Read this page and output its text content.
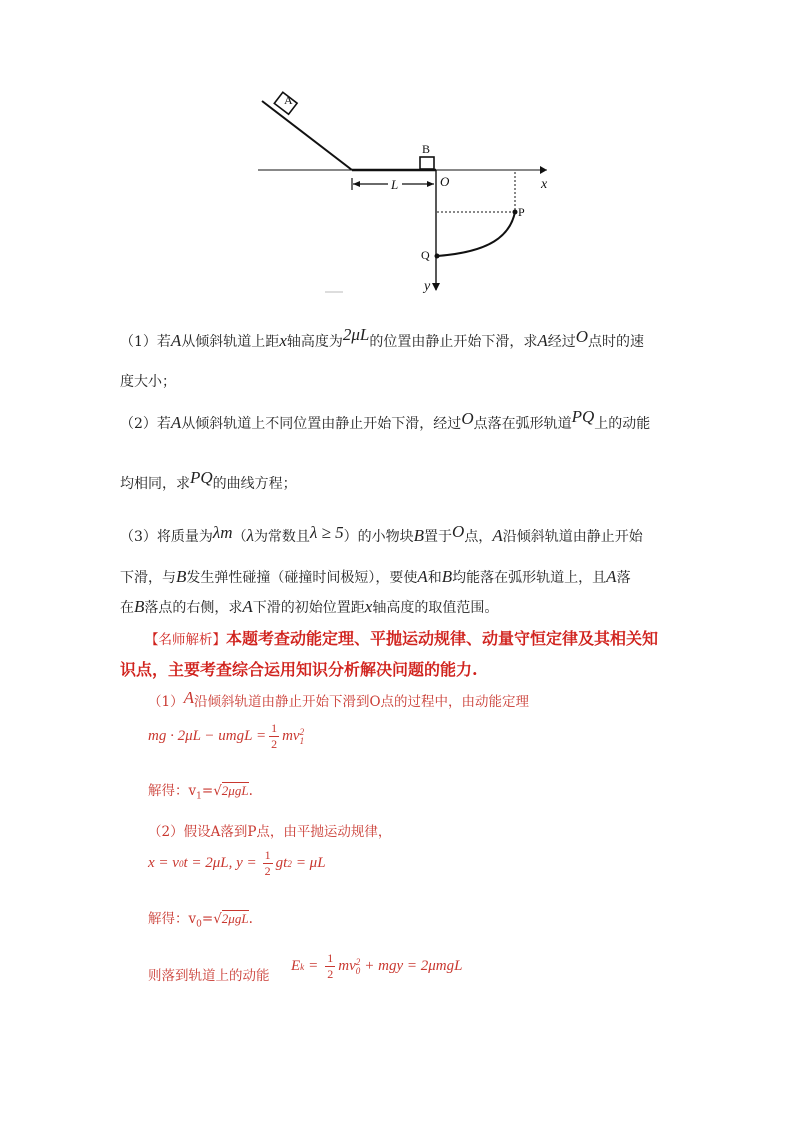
A
x
B
O
L
y
P
Q
（1）若A从倾斜轨道上距x轴高度为2μL的位置由静止开始下滑，求A经过O点时的速
度大小；
（2）若A从倾斜轨道上不同位置由静止开始下滑，经过O点落在弧形轨道PQ上的动能
均相同，求PQ的曲线方程；
（3）将质量为λm（λ为常数且λ ≥ 5）的小物块B置于O点，A沿倾斜轨道由静止开始
下滑，与B发生弹性碰撞（碰撞时间极短），要使A和B均能落在弧形轨道上，且A落
在B落点的右侧，求A下滑的初始位置距x轴高度的取值范围。
【名师解析】本题考查动能定理、平抛运动规律、动量守恒定律及其相关知
识点，主要考查综合运用知识分析解决问题的能力.
（1）A沿倾斜轨道由静止开始下滑到O点的过程中，由动能定理
mg · 2μL − umgL = $\frac{1}{2}$ mv 2
1
解得：$v_1=√2\mu gL$.
（2）假设A落到P点，由平抛运动规律，
x = v 0 t = 2μL, $y = \frac{1}{2}$ gt 2 = μL
解得：$v_0=√2\mu gL$.
则落到轨道上的动能
E $k = \frac{1}{2}$ mv 2
0 + mgy = 2μmgL
